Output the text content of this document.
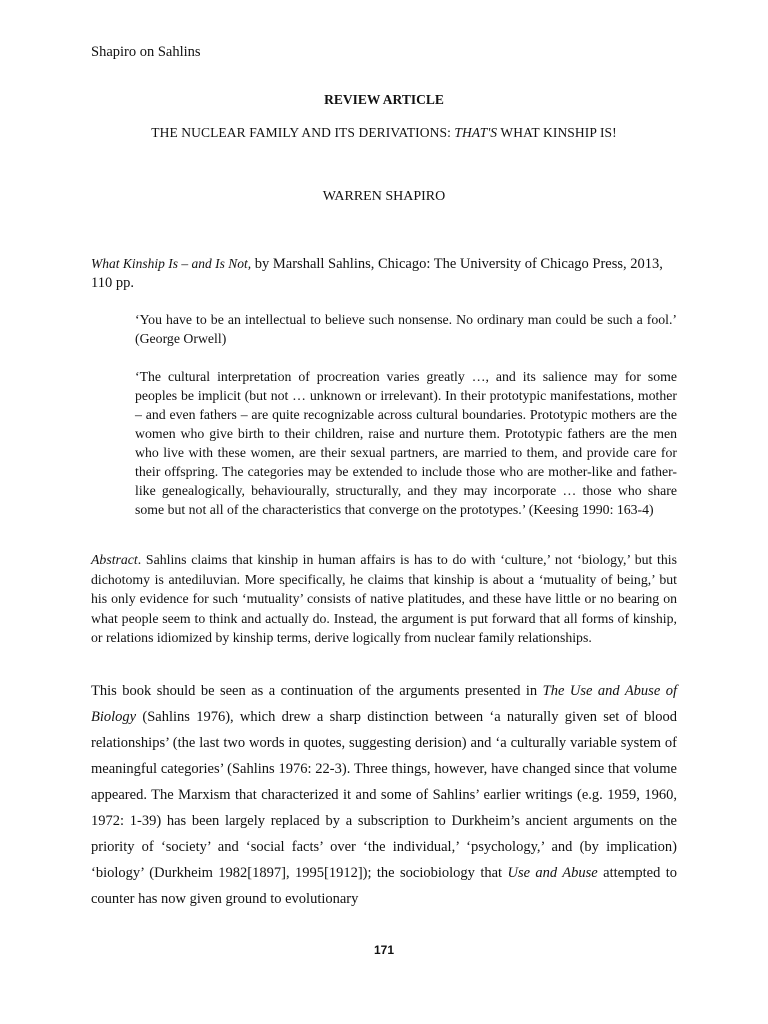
Shapiro on Sahlins

REVIEW ARTICLE

THE NUCLEAR FAMILY AND ITS DERIVATIONS: THAT'S WHAT KINSHIP IS!

WARREN SHAPIRO

What Kinship Is – and Is Not, by Marshall Sahlins, Chicago: The University of Chicago Press, 2013, 110 pp.

‘You have to be an intellectual to believe such nonsense. No ordinary man could be such a fool.’ (George Orwell)

‘The cultural interpretation of procreation varies greatly …, and its salience may for some peoples be implicit (but not … unknown or irrelevant). In their prototypic manifestations, mother – and even fathers – are quite recognizable across cultural boundaries. Prototypic mothers are the women who give birth to their children, raise and nurture them. Prototypic fathers are the men who live with these women, are their sexual partners, are married to them, and provide care for their offspring. The categories may be extended to include those who are mother-like and father-like genealogically, behaviourally, structurally, and they may incorporate … those who share some but not all of the characteristics that converge on the prototypes.’ (Keesing 1990: 163-4)

Abstract. Sahlins claims that kinship in human affairs is has to do with ‘culture,’ not ‘biology,’ but this dichotomy is antediluvian. More specifically, he claims that kinship is about a ‘mutuality of being,’ but his only evidence for such ‘mutuality’ consists of native platitudes, and these have little or no bearing on what people seem to think and actually do. Instead, the argument is put forward that all forms of kinship, or relations idiomized by kinship terms, derive logically from nuclear family relationships.

This book should be seen as a continuation of the arguments presented in The Use and Abuse of Biology (Sahlins 1976), which drew a sharp distinction between ‘a naturally given set of blood relationships’ (the last two words in quotes, suggesting derision) and ‘a culturally variable system of meaningful categories’ (Sahlins 1976: 22-3). Three things, however, have changed since that volume appeared. The Marxism that characterized it and some of Sahlins’ earlier writings (e.g. 1959, 1960, 1972: 1-39) has been largely replaced by a subscription to Durkheim’s ancient arguments on the priority of ‘society’ and ‘social facts’ over ‘the individual,’ ‘psychology,’ and (by implication) ‘biology’ (Durkheim 1982[1897], 1995[1912]); the sociobiology that Use and Abuse attempted to counter has now given ground to evolutionary

171
